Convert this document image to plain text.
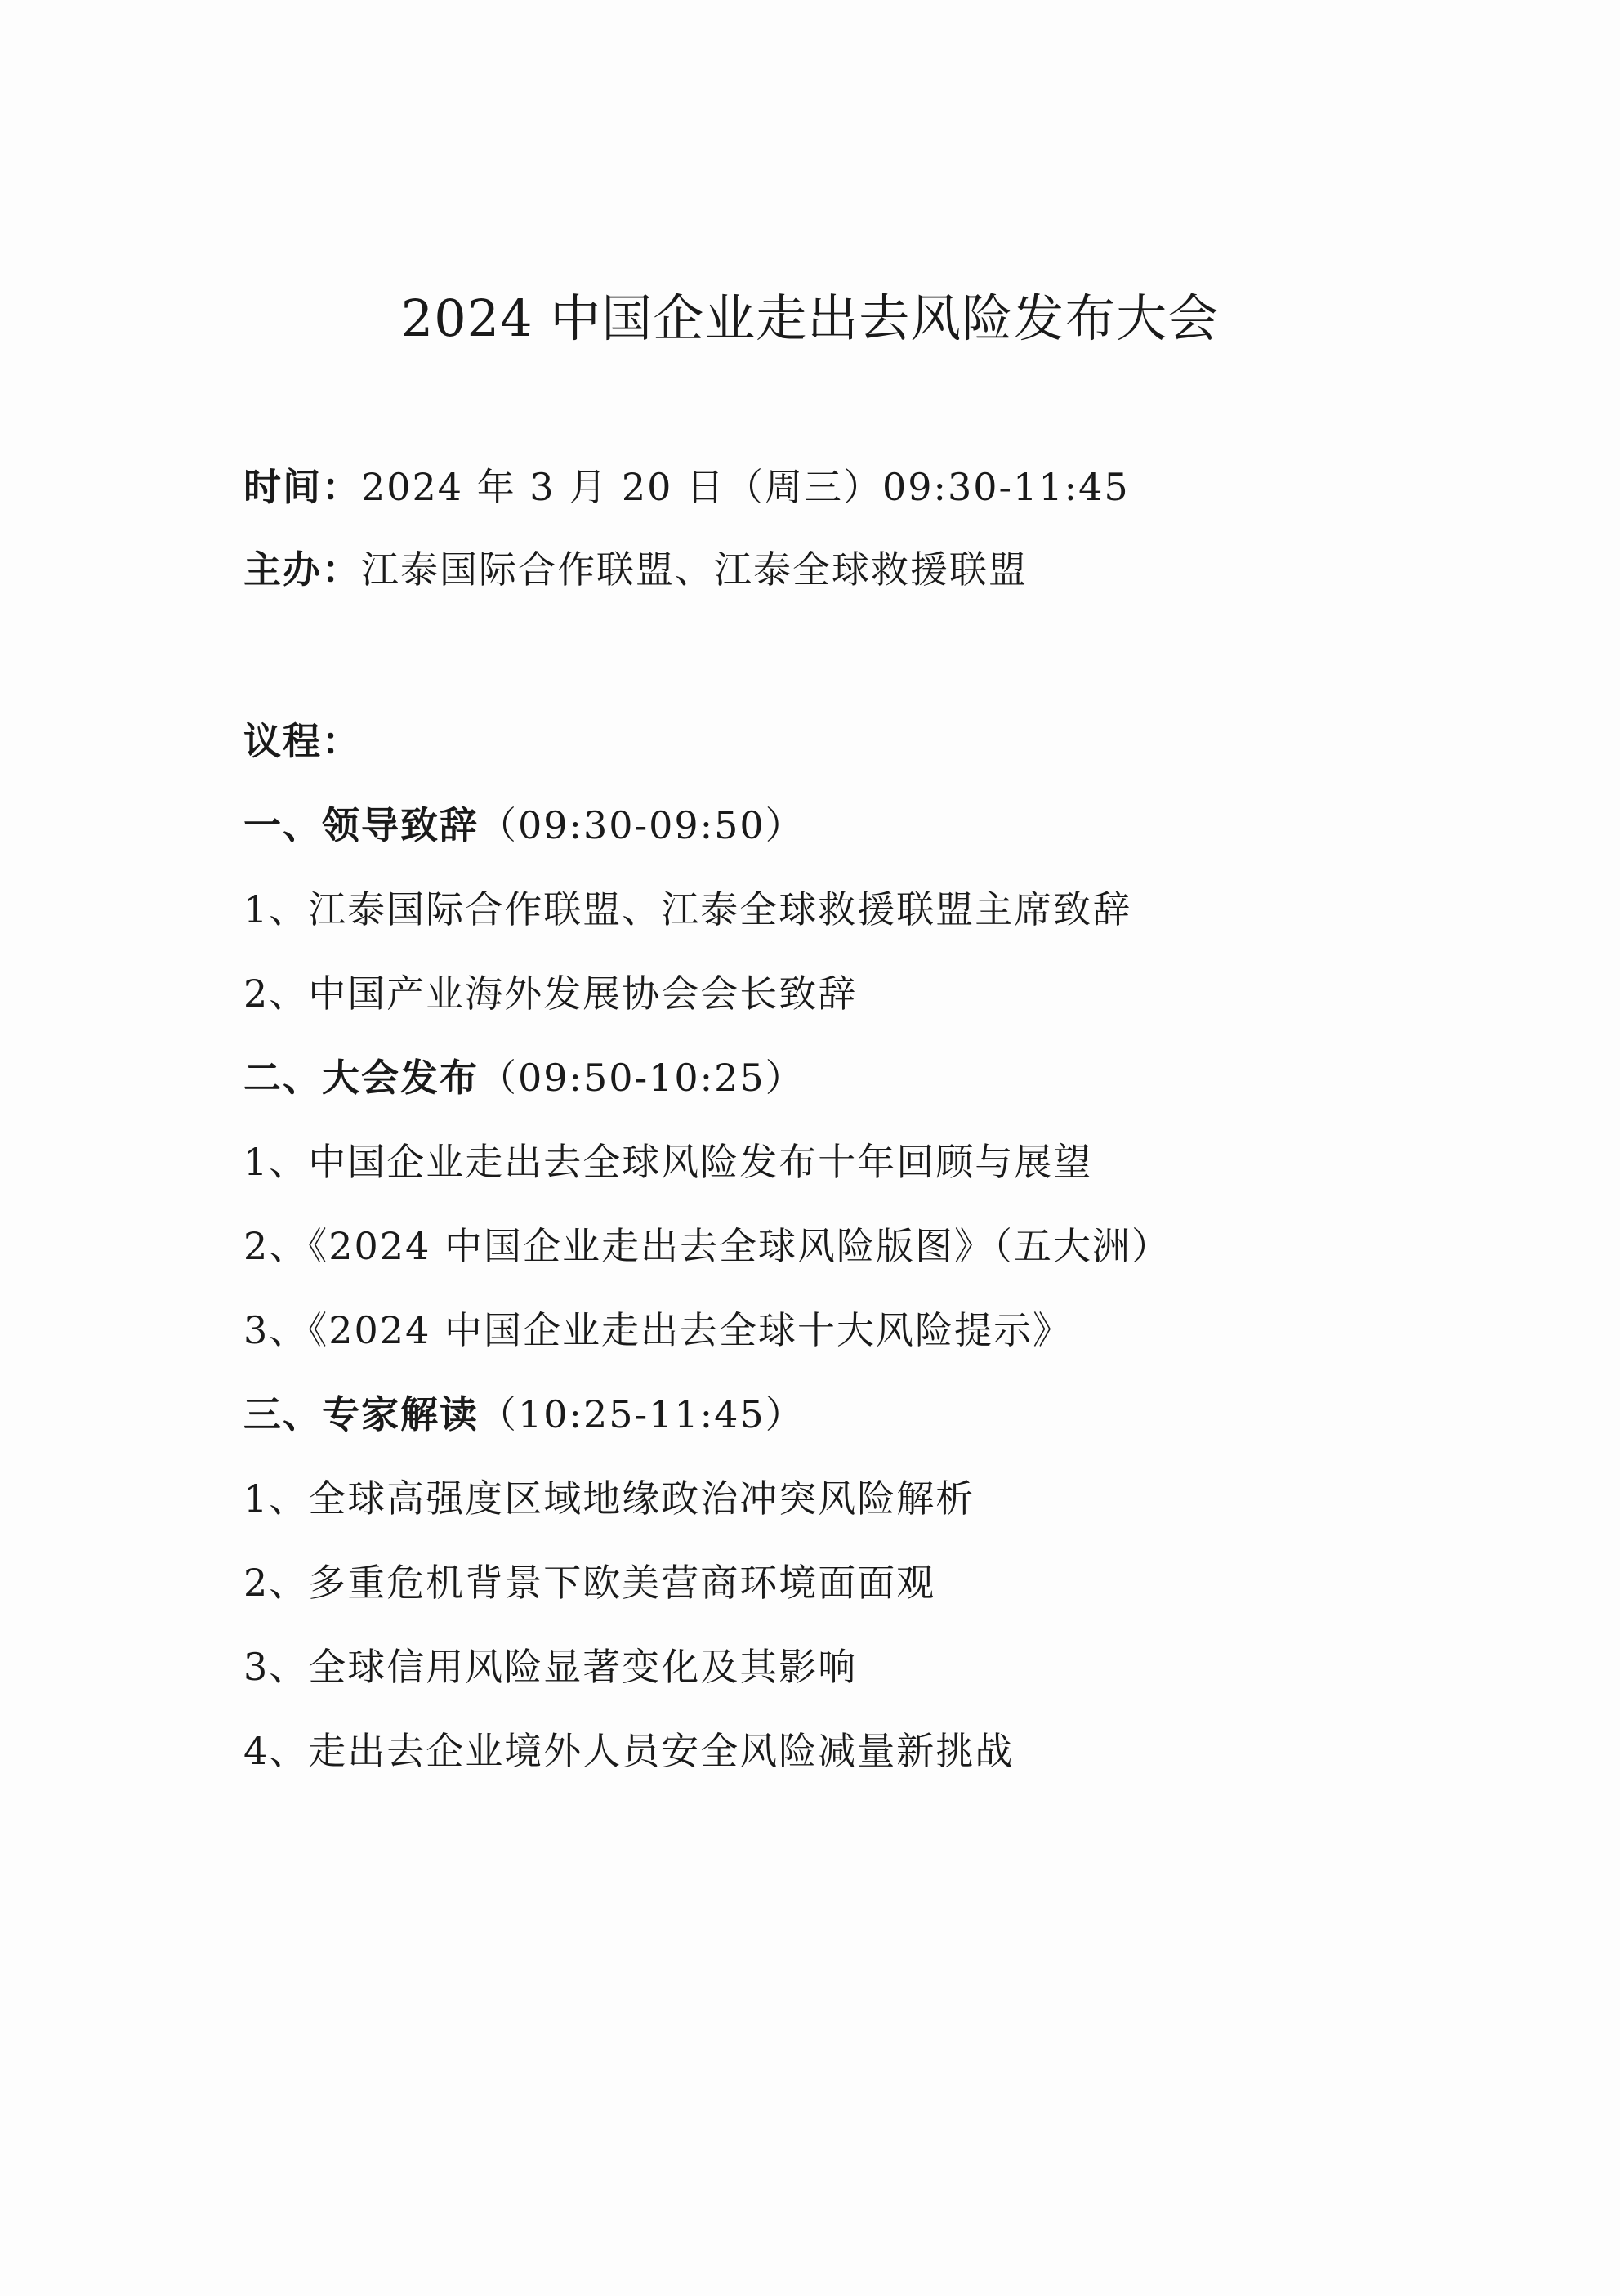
2024 中国企业走出去风险发布大会
时间：2024 年 3 月 20 日（周三）09:30-11:45
主办：江泰国际合作联盟、江泰全球救援联盟
议程：
一、领导致辞（09:30-09:50）
1、江泰国际合作联盟、江泰全球救援联盟主席致辞
2、中国产业海外发展协会会长致辞
二、大会发布（09:50-10:25）
1、中国企业走出去全球风险发布十年回顾与展望
2、《2024 中国企业走出去全球风险版图》（五大洲）
3、《2024 中国企业走出去全球十大风险提示》
三、专家解读（10:25-11:45）
1、全球高强度区域地缘政治冲突风险解析
2、多重危机背景下欧美营商环境面面观
3、全球信用风险显著变化及其影响
4、走出去企业境外人员安全风险减量新挑战
